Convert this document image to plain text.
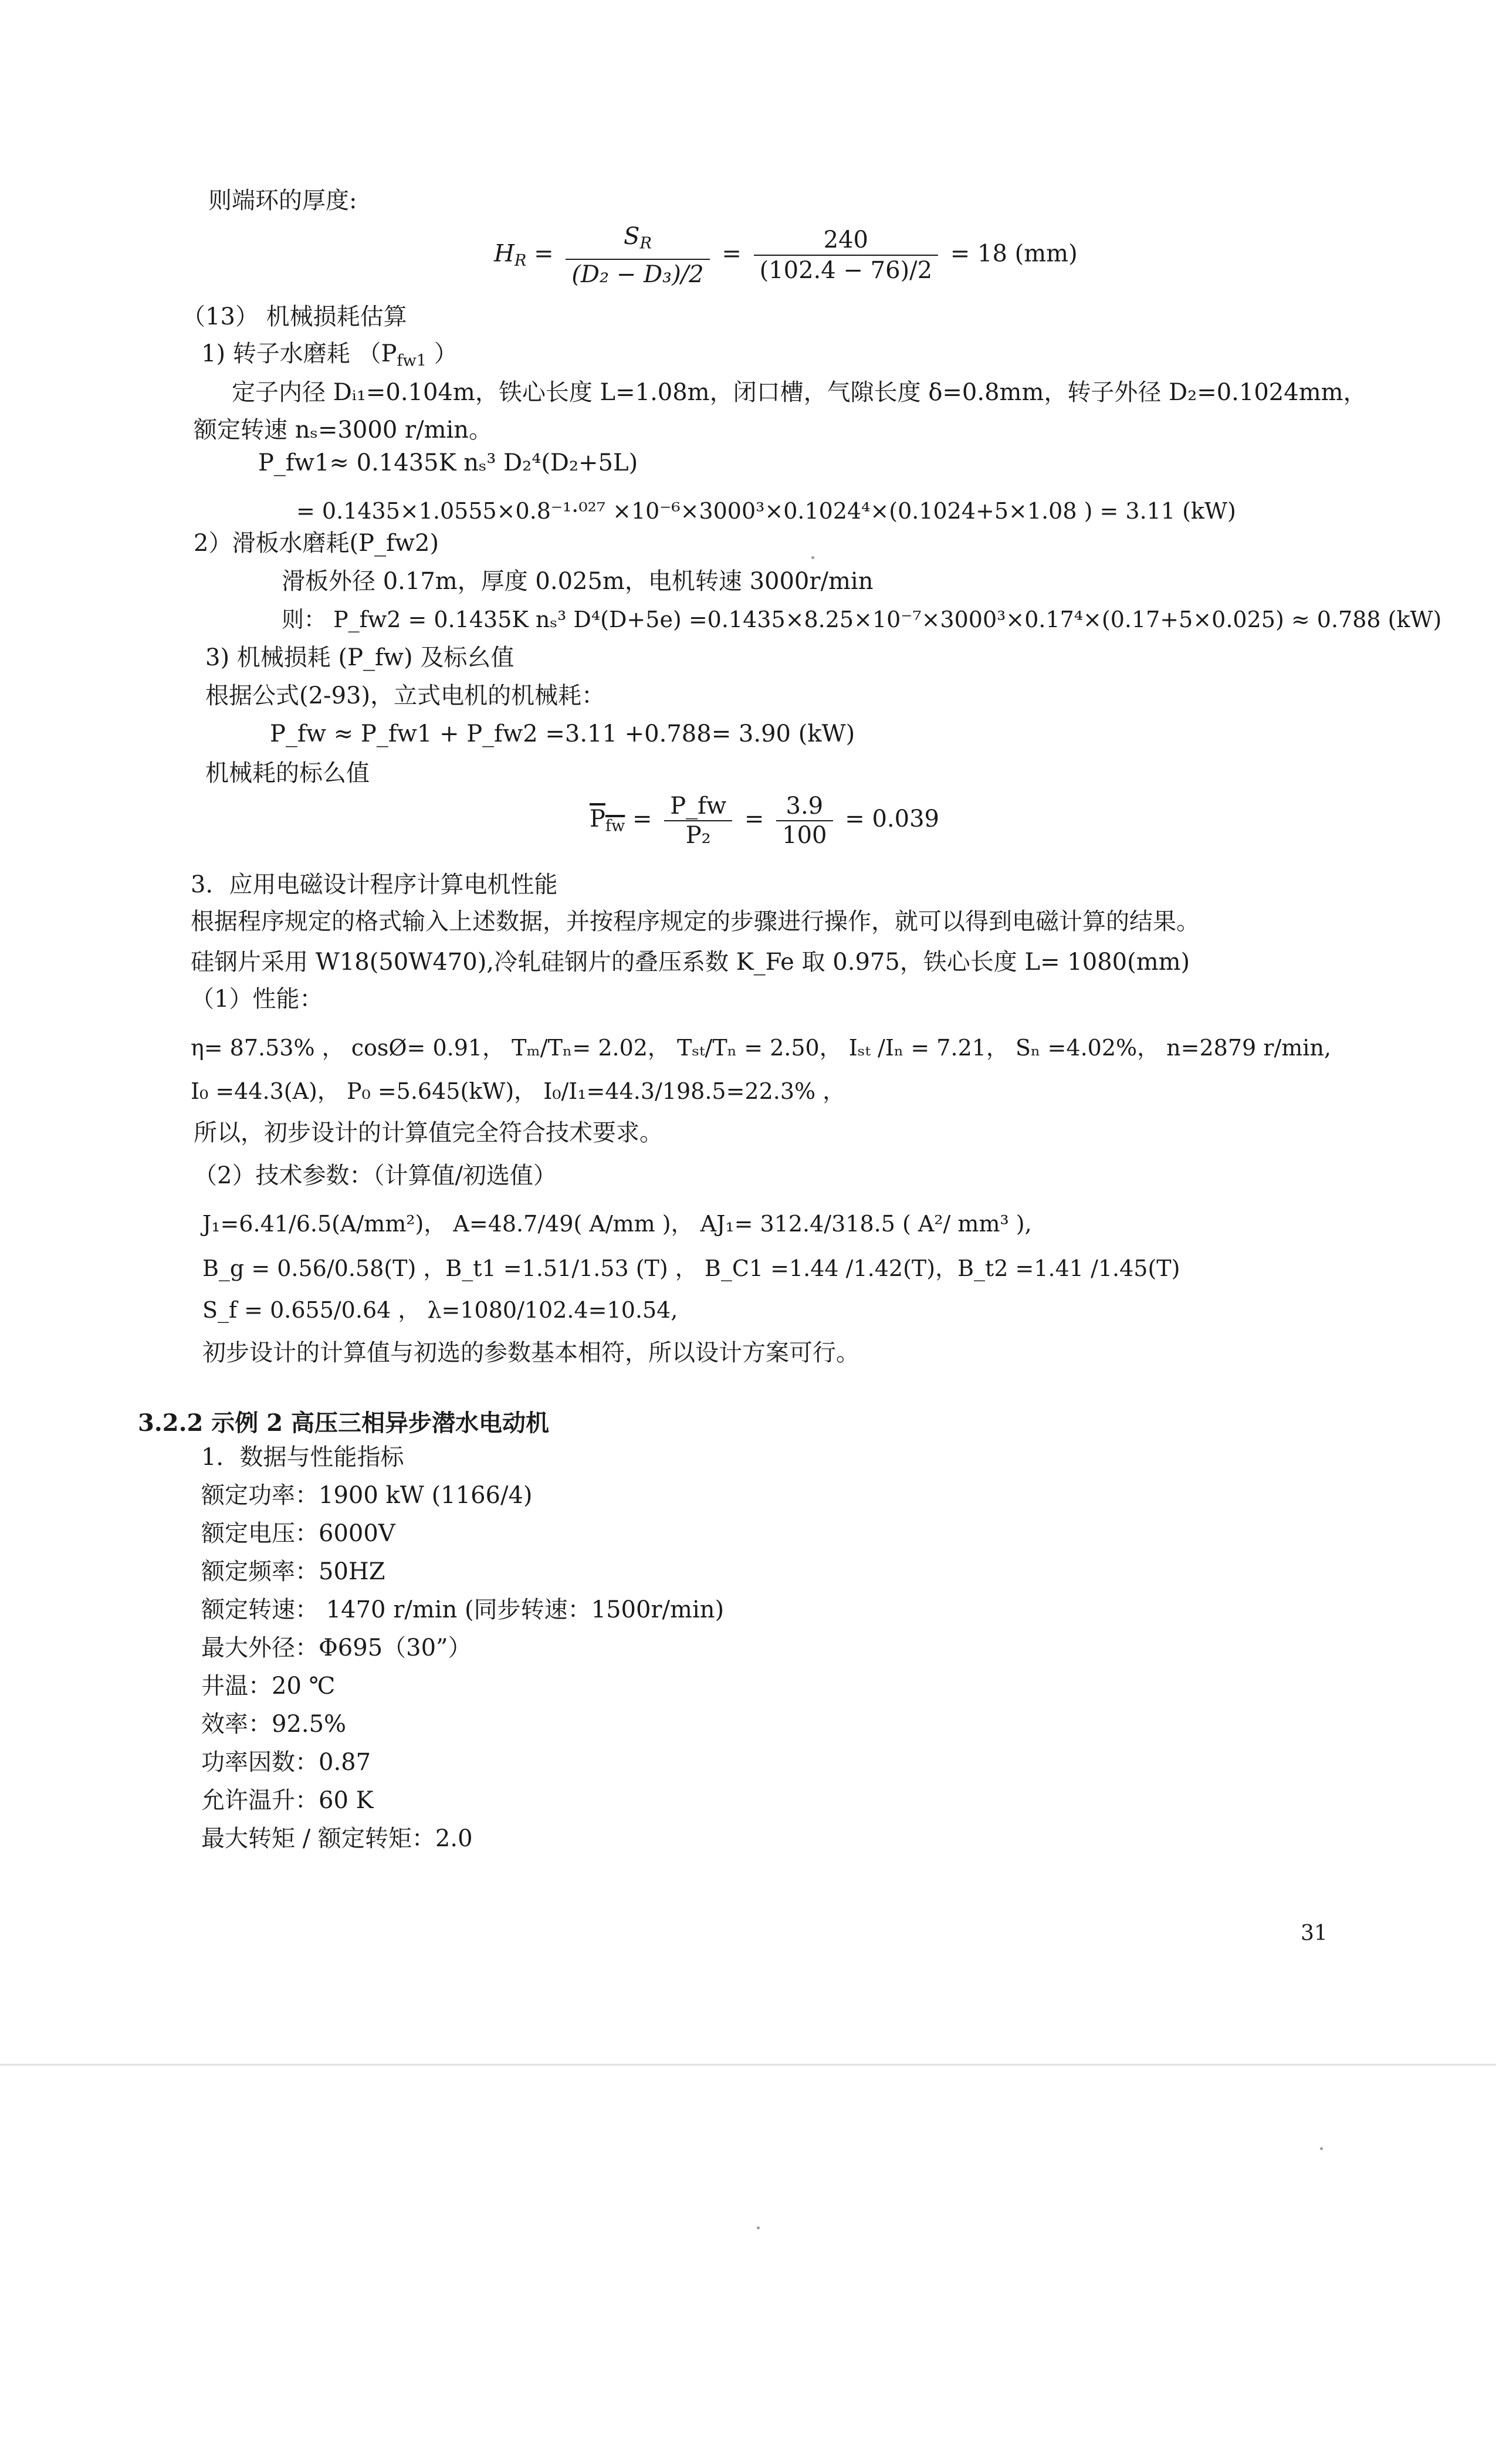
则端环的厚度:
$H_R = \frac{S_R}{\text{(D₂ − D₃)/2}} = \frac{240}{(102.4 - 76)/2} = 18$ (mm)
（13） 机械损耗估算
1) 转子水磨耗 （$P_{fw1}$ ）
定子内径 Dᵢ₁=0.104m，铁心长度 L=1.08m，闭口槽，气隙长度 δ=0.8mm，转子外径 D₂=0.1024mm，
额定转速 nₛ=3000 r/min。
P_fw1≈ 0.1435K nₛ³ D₂⁴(D₂+5L)
= 0.1435×1.0555×0.8⁻¹·⁰²⁷ ×10⁻⁶×3000³×0.1024⁴×(0.1024+5×1.08 ) = 3.11 (kW)
2）滑板水磨耗(P_fw2)
滑板外径 0.17m，厚度 0.025m，电机转速 3000r/min
则： P_fw2 = 0.1435K nₛ³ D⁴(D+5e) =0.1435×8.25×10⁻⁷×3000³×0.17⁴×(0.17+5×0.025) ≈ 0.788 (kW)
3) 机械损耗 (P_fw) 及标幺值
根据公式(2-93)，立式电机的机械耗：
P_fw ≈ P_fw1 + P_fw2 =3.11 +0.788= 3.90 (kW)
机械耗的标么值
$P_{fw} = \frac{P\_fw}{\text{P₂}} = \frac{3.9}{100} = 0.039$
3．应用电磁设计程序计算电机性能
根据程序规定的格式输入上述数据，并按程序规定的步骤进行操作，就可以得到电磁计算的结果。
硅钢片采用 W18(50W470),冷轧硅钢片的叠压系数 K_Fe 取 0.975，铁心长度 L= 1080(mm)
（1）性能：
η= 87.53% ， cosØ= 0.91， Tₘ/Tₙ= 2.02， Tₛₜ/Tₙ = 2.50， Iₛₜ /Iₙ = 7.21， Sₙ =4.02%， n=2879 r/min,
I₀ =44.3(A)， P₀ =5.645(kW)， I₀/I₁=44.3/198.5=22.3% ，
所以，初步设计的计算值完全符合技术要求。
（2）技术参数：（计算值/初选值）
J₁=6.41/6.5(A/mm²)， A=48.7/49( A/mm )， AJ₁= 312.4/318.5 ( A²/ mm³ ),
B_g = 0.56/0.58(T) ，B_t1 =1.51/1.53 (T) ， B_C1 =1.44 /1.42(T)，B_t2 =1.41 /1.45(T)
S_f = 0.655/0.64 ， λ=1080/102.4=10.54,
初步设计的计算值与初选的参数基本相符，所以设计方案可行。
3.2.2 示例 2 高压三相异步潜水电动机
1．数据与性能指标
额定功率：1900 kW (1166/4)
额定电压：6000V
额定频率：50HZ
额定转速： 1470 r/min (同步转速：1500r/min)
最大外径：Φ695（30”）
井温：20 ℃
效率：92.5%
功率因数：0.87
允许温升：60 K
最大转矩 / 额定转矩：2.0
31
